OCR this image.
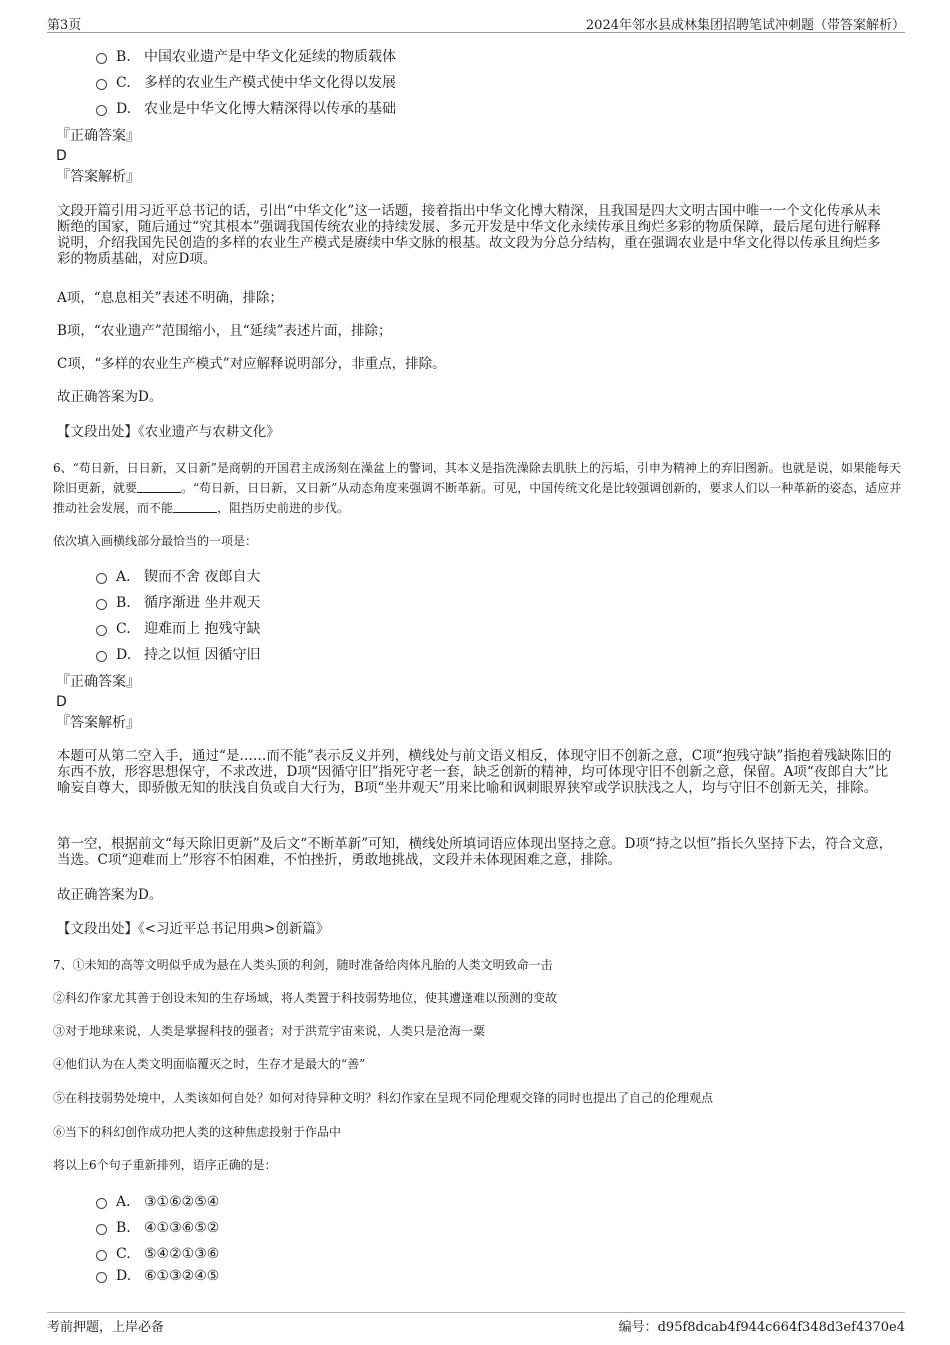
第3页	2024年邻水县成林集团招聘笔试冲刺题（带答案解析）
B. 中国农业遗产是中华文化延续的物质载体
C. 多样的农业生产模式使中华文化得以发展
D. 农业是中华文化博大精深得以传承的基础
『正确答案』
D
『答案解析』
文段开篇引用习近平总书记的话，引出“中华文化”这一话题，接着指出中华文化博大精深，且我国是四大文明古国中唯一一个文化传承从未断绝的国家，随后通过“究其根本”强调我国传统农业的持续发展、多元开发是中华文化永续传承且绚烂多彩的物质保障，最后尾句进行解释说明，介绍我国先民创造的多样的农业生产模式是赓续中华文脉的根基。故文段为分总分结构，重在强调农业是中华文化得以传承且绚烂多彩的物质基础，对应D项。
A项，“息息相关”表述不明确，排除；
B项，“农业遗产”范围缩小，且“延续”表述片面，排除；
C项，“多样的农业生产模式”对应解释说明部分，非重点，排除。
故正确答案为D。
【文段出处】《农业遗产与农耕文化》
6、“苟日新，日日新，又日新”是商朝的开国君主成汤刻在澡盆上的警词，其本义是指洗澡除去肌肤上的污垢，引申为精神上的弃旧图新。也就是说，如果能每天除旧更新，就要	。“苟日新，日日新，又日新”从动态角度来强调不断革新。可见，中国传统文化是比较强调创新的，要求人们以一种革新的姿态，适应并推动社会发展，而不能	，阻挡历史前进的步伐。
依次填入画横线部分最恰当的一项是：
A． 锲而不舍 夜郎自大
B. 循序渐进 坐井观天
C. 迎难而上 抱残守缺
D. 持之以恒 因循守旧
『正确答案』
D
『答案解析』
本题可从第二空入手，通过“是……而不能”表示反义并列，横线处与前文语义相反，体现守旧不创新之意，C项“抱残守缺”指抱着残缺陈旧的东西不放，形容思想保守，不求改进，D项“因循守旧”指死守老一套，缺乏创新的精神，均可体现守旧不创新之意，保留。A项“夜郎自大”比喻妄自尊大，即骄傲无知的肤浅自负或自大行为，B项“坐井观天”用来比喻和讽刺眼界狭窄或学识肤浅之人，均与守旧不创新无关，排除。
第一空，根据前文“每天除旧更新”及后文“不断革新”可知，横线处所填词语应体现出坚持之意。D项“持之以恒”指长久坚持下去，符合文意，当选。C项“迎难而上”形容不怕困难，不怕挫折，勇敢地挑战，文段并未体现困难之意，排除。
故正确答案为D。
【文段出处】《<习近平总书记用典>创新篇》
7、①未知的高等文明似乎成为悬在人类头顶的利剑，随时准备给肉体凡胎的人类文明致命一击
②科幻作家尤其善于创设未知的生存场域，将人类置于科技弱势地位，使其遭逢难以预测的变故
③对于地球来说，人类是掌握科技的强者；对于洪荒宇宙来说，人类只是沧海一粟
④他们认为在人类文明面临覆灭之时，生存才是最大的“善”
⑤在科技弱势处境中，人类该如何自处？如何对待异种文明？科幻作家在呈现不同伦理观交锋的同时也提出了自己的伦理观点
⑥当下的科幻创作成功把人类的这种焦虑投射于作品中
将以上6个句子重新排列，语序正确的是：
A． ③①⑥②⑤④
B. ④①③⑥⑤②
C. ⑤④②①③⑥
D. ⑥①③②④⑤
考前押题，上岸必备	编号：d95f8dcab4f944c664f348d3ef4370e4
